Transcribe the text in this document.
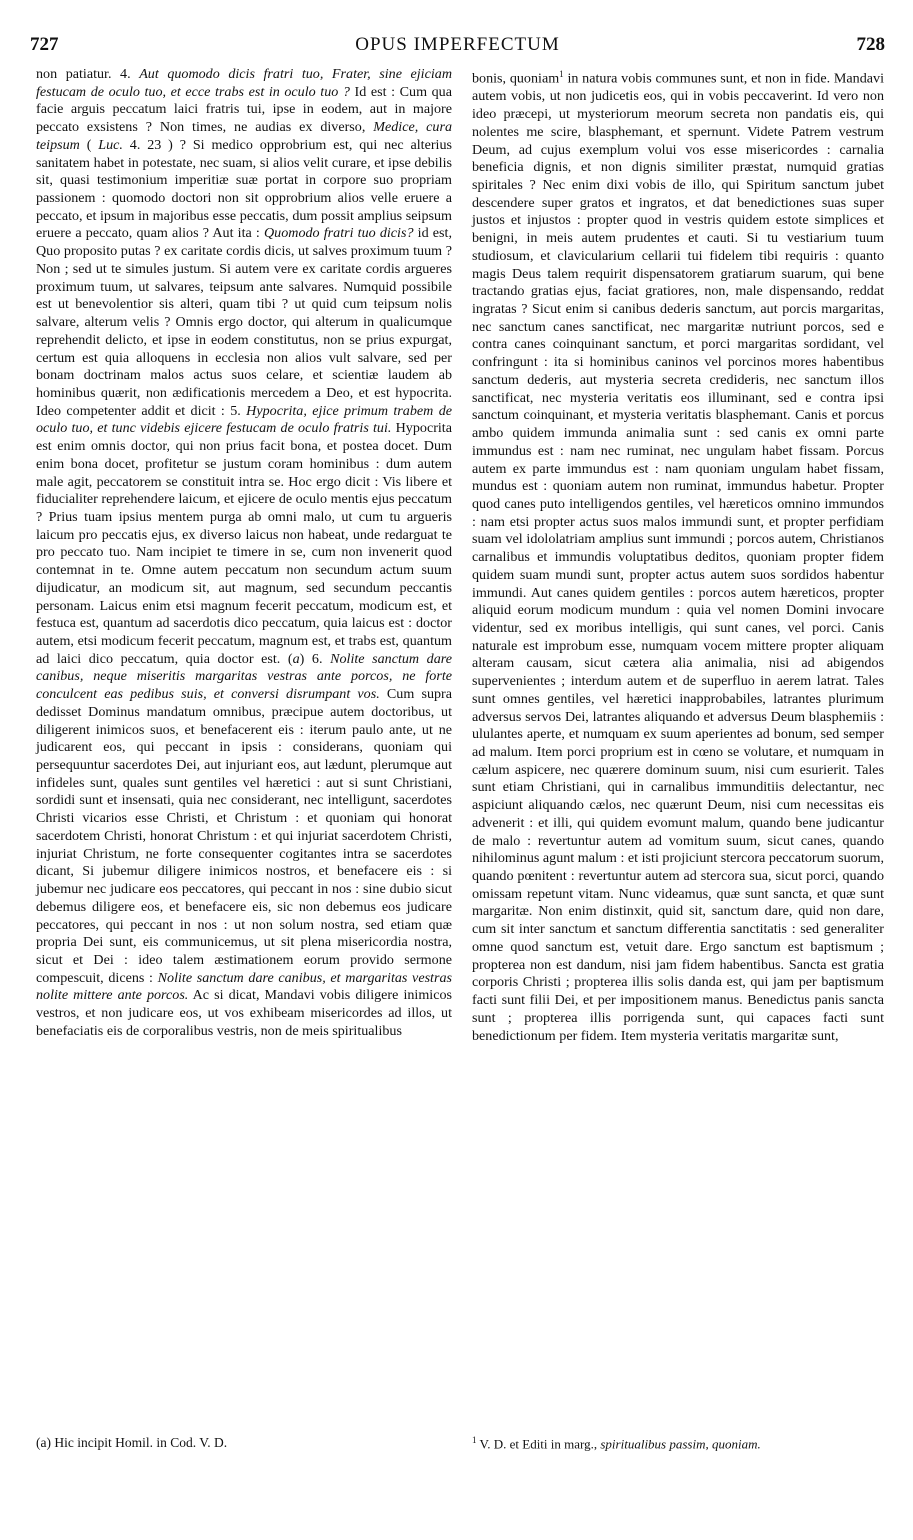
727	OPUS IMPERFECTUM	728

non patiatur. 4. Aut quomodo dicis fratri tuo, Frater, sine ejiciam festucam de oculo tuo, et ecce trabs est in oculo tuo ? Id est : Cum qua facie arguis peccatum laici fratris tui, ipse in eodem, aut in majore peccato exsistens ? Non times, ne audias ex diverso, Medice, cura teipsum ( Luc. 4. 23 ) ? Si medico opprobrium est, qui nec alterius sanitatem habet in potestate, nec suam, si alios velit curare, et ipse debilis sit, quasi testimonium imperitiæ suæ portat in corpore suo propriam passionem : quomodo doctori non sit opprobrium alios velle eruere a peccato, et ipsum in majoribus esse peccatis, dum possit amplius seipsum eruere a peccato, quam alios ? Aut ita : Quomodo fratri tuo dicis? id est, Quo proposito putas ? ex caritate cordis dicis, ut salves proximum tuum ? Non ; sed ut te simules justum. Si autem vere ex caritate cordis argueres proximum tuum, ut salvares, teipsum ante salvares. Numquid possibile est ut benevolentior sis alteri, quam tibi ? ut quid cum teipsum nolis salvare, alterum velis ? Omnis ergo doctor, qui alterum in qualicumque reprehendit delicto, et ipse in eodem constitutus, non se prius expurgat, certum est quia alloquens in ecclesia non alios vult salvare, sed per bonam doctrinam malos actus suos celare, et scientiæ laudem ab hominibus quærit, non ædificationis mercedem a Deo, et est hypocrita. Ideo competenter addit et dicit : 5. Hypocrita, ejice primum trabem de oculo tuo, et tunc videbis ejicere festucam de oculo fratris tui. Hypocrita est enim omnis doctor, qui non prius facit bona, et postea docet. Dum enim bona docet, profitetur se justum coram hominibus : dum autem male agit, peccatorem se constituit intra se. Hoc ergo dicit : Vis libere et fiducialiter reprehendere laicum, et ejicere de oculo mentis ejus peccatum ? Prius tuam ipsius mentem purga ab omni malo, ut cum tu argueris laicum pro peccatis ejus, ex diverso laicus non habeat, unde redarguat te pro peccato tuo. Nam incipiet te timere in se, cum non invenerit quod contemnat in te. Omne autem peccatum non secundum actum suum dijudicatur, an modicum sit, aut magnum, sed secundum peccantis personam. Laicus enim etsi magnum fecerit peccatum, modicum est, et festuca est, quantum ad sacerdotis dico peccatum, quia laicus est : doctor autem, etsi modicum fecerit peccatum, magnum est, et trabs est, quantum ad laici dico peccatum, quia doctor est. (a) 6. Nolite sanctum dare canibus, neque miseritis margaritas vestras ante porcos, ne forte conculcent eas pedibus suis, et conversi disrumpant vos. Cum supra dedisset Dominus mandatum omnibus, præcipue autem doctoribus, ut diligerent inimicos suos, et benefacerent eis : iterum paulo ante, ut ne judicarent eos, qui peccant in ipsis : considerans, quoniam qui persequuntur sacerdotes Dei, aut injuriant eos, aut lædunt, plerumque aut infideles sunt, quales sunt gentiles vel hæretici : aut si sunt Christiani, sordidi sunt et insensati, quia nec considerant, nec intelligunt, sacerdotes Christi vicarios esse Christi, et Christum : et quoniam qui honorat sacerdotem Christi, honorat Christum : et qui injuriat sacerdotem Christi, injuriat Christum, ne forte consequenter cogitantes intra se sacerdotes dicant, Si jubemur diligere inimicos nostros, et benefacere eis : si jubemur nec judicare eos peccatores, qui peccant in nos : sine dubio sicut debemus diligere eos, et benefacere eis, sic non debemus eos judicare peccatores, qui peccant in nos : ut non solum nostra, sed etiam quæ propria Dei sunt, eis communicemus, ut sit plena misericordia nostra, sicut et Dei : ideo talem æstimationem eorum provido sermone compescuit, dicens : Nolite sanctum dare canibus, et margaritas vestras nolite mittere ante porcos. Ac si dicat, Mandavi vobis diligere inimicos vestros, et non judicare eos, ut vos exhibeam misericordes ad illos, ut benefaciatis eis de corporalibus vestris, non de meis spiritualibus

bonis, quoniam$^1$ in natura vobis communes sunt, et non in fide. Mandavi autem vobis, ut non judicetis eos, qui in vobis peccaverint. Id vero non ideo præcepi, ut mysteriorum meorum secreta non pandatis eis, qui nolentes me scire, blasphemant, et spernunt. Videte Patrem vestrum Deum, ad cujus exemplum volui vos esse misericordes : carnalia beneficia dignis, et non dignis similiter præstat, numquid gratias spiritales ? Nec enim dixi vobis de illo, qui Spiritum sanctum jubet descendere super gratos et ingratos, et dat benedictiones suas super justos et injustos : propter quod in vestris quidem estote simplices et benigni, in meis autem prudentes et cauti. Si tu vestiarium tuum studiosum, et clavicularium cellarii tui fidelem tibi requiris : quanto magis Deus talem requirit dispensatorem gratiarum suarum, qui bene tractando gratias ejus, faciat gratiores, non, male dispensando, reddat ingratas ? Sicut enim si canibus dederis sanctum, aut porcis margaritas, nec sanctum canes sanctificat, nec margaritæ nutriunt porcos, sed e contra canes coinquinant sanctum, et porci margaritas sordidant, vel confringunt : ita si hominibus caninos vel porcinos mores habentibus sanctum dederis, aut mysteria secreta credideris, nec sanctum illos sanctificat, nec mysteria veritatis eos illuminant, sed e contra ipsi sanctum coinquinant, et mysteria veritatis blasphemant. Canis et porcus ambo quidem immunda animalia sunt : sed canis ex omni parte immundus est : nam nec ruminat, nec ungulam habet fissam. Porcus autem ex parte immundus est : nam quoniam ungulam habet fissam, mundus est : quoniam autem non ruminat, immundus habetur. Propter quod canes puto intelligendos gentiles, vel hæreticos omnino immundos : nam etsi propter actus suos malos immundi sunt, et propter perfidiam suam vel idololatriam amplius sunt immundi ; porcos autem, Christianos carnalibus et immundis voluptatibus deditos, quoniam propter fidem quidem suam mundi sunt, propter actus autem suos sordidos habentur immundi. Aut canes quidem gentiles : porcos autem hæreticos, propter aliquid eorum modicum mundum : quia vel nomen Domini invocare videntur, sed ex moribus intelligis, qui sunt canes, vel porci. Canis naturale est improbum esse, numquam vocem mittere propter aliquam alteram causam, sicut cætera alia animalia, nisi ad abigendos supervenientes ; interdum autem et de superfluo in aerem latrat. Tales sunt omnes gentiles, vel hæretici inapprobabiles, latrantes plurimum adversus servos Dei, latrantes aliquando et adversus Deum blasphemiis : ululantes aperte, et numquam ex suum aperientes ad bonum, sed semper ad malum. Item porci proprium est in cœno se volutare, et numquam in cælum aspicere, nec quærere dominum suum, nisi cum esurierit. Tales sunt etiam Christiani, qui in carnalibus immunditiis delectantur, nec aspiciunt aliquando cælos, nec quærunt Deum, nisi cum necessitas eis advenerit : et illi, qui quidem evomunt malum, quando bene judicantur de malo : revertuntur autem ad vomitum suum, sicut canes, quando nihilominus agunt malum : et isti projiciunt stercora peccatorum suorum, quando pœnitent : revertuntur autem ad stercora sua, sicut porci, quando omissam repetunt vitam. Nunc videamus, quæ sunt sancta, et quæ sunt margaritæ. Non enim distinxit, quid sit, sanctum dare, quid non dare, cum sit inter sanctum et sanctum differentia sanctitatis : sed generaliter omne quod sanctum est, vetuit dare. Ergo sanctum est baptismum ; propterea non est dandum, nisi jam fidem habentibus. Sancta est gratia corporis Christi ; propterea illis solis danda est, qui jam per baptismum facti sunt filii Dei, et per impositionem manus. Benedictus panis sancta sunt ; propterea illis porrigenda sunt, qui capaces facti sunt benedictionum per fidem. Item mysteria veritatis margaritæ sunt,

(a) Hic incipit Homil. in Cod. V. D.	$^1$ V. D. et Editi in marg., spiritualibus passim, quoniam.
